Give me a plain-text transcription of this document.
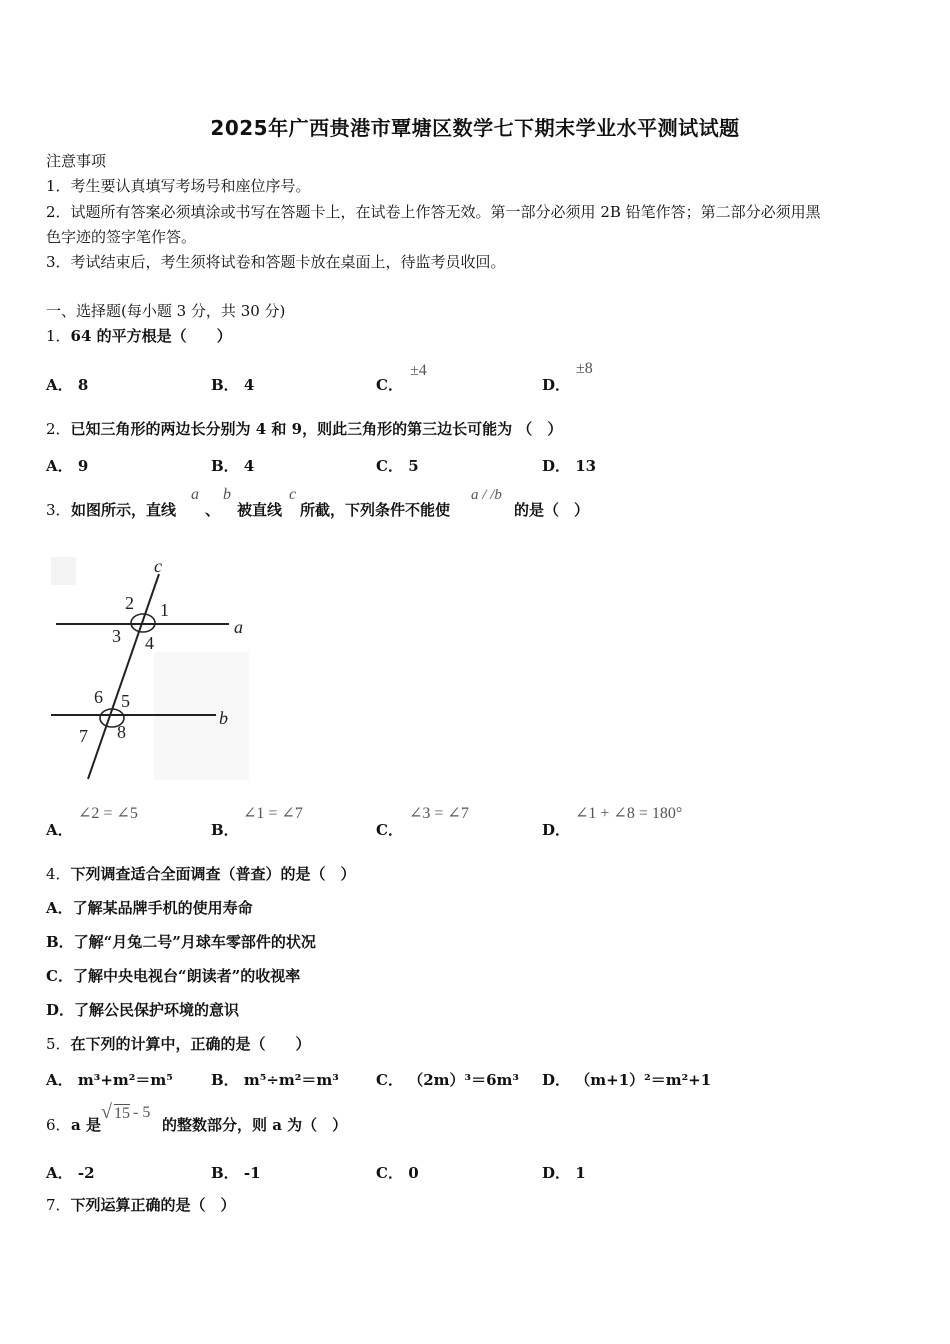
2025年广西贵港市覃塘区数学七下期末学业水平测试试题
注意事项
1．考生要认真填写考场号和座位序号。
2．试题所有答案必须填涂或书写在答题卡上，在试卷上作答无效。第一部分必须用 2B 铅笔作答；第二部分必须用黑
色字迹的签字笔作答。
3．考试结束后，考生须将试卷和答题卡放在桌面上，待监考员收回。
一、选择题(每小题 3 分，共 30 分)
1．64 的平方根是（　　）
A． 8	B． 4	C．
±4
D．
±8
2．已知三角形的两边长分别为 4 和 9，则此三角形的第三边长可能为 （　）
A． 9	B． 4	C． 5	D． 13
3． 如图所示，直线
a
、
b
被直线
c
所截，下列条件不能使
a / /b
的是（　）
c
a
b
1
2
3 4
5
6
7 8
A．
∠2 = ∠5
B．
∠1 = ∠7
C．
∠3 = ∠7
D．
∠1 + ∠8 = 180°
4．下列调查适合全面调查（普查）的是（　）
A．了解某品牌手机的使用寿命
B．了解“月兔二号”月球车零部件的状况
C．了解中央电视台“朗读者”的收视率
D．了解公民保护环境的意识
5．在下列的计算中，正确的是（　　）
A． m³+m²＝m⁵	B． m⁵÷m²＝m³ C． （2m）³＝6m³ D． （m+1）²＝m²+1
6． a 是
√ 15 - 5
的整数部分，则 a 为（　）
A． -2	B． -1	C． 0	D． 1
7．下列运算正确的是（　）
